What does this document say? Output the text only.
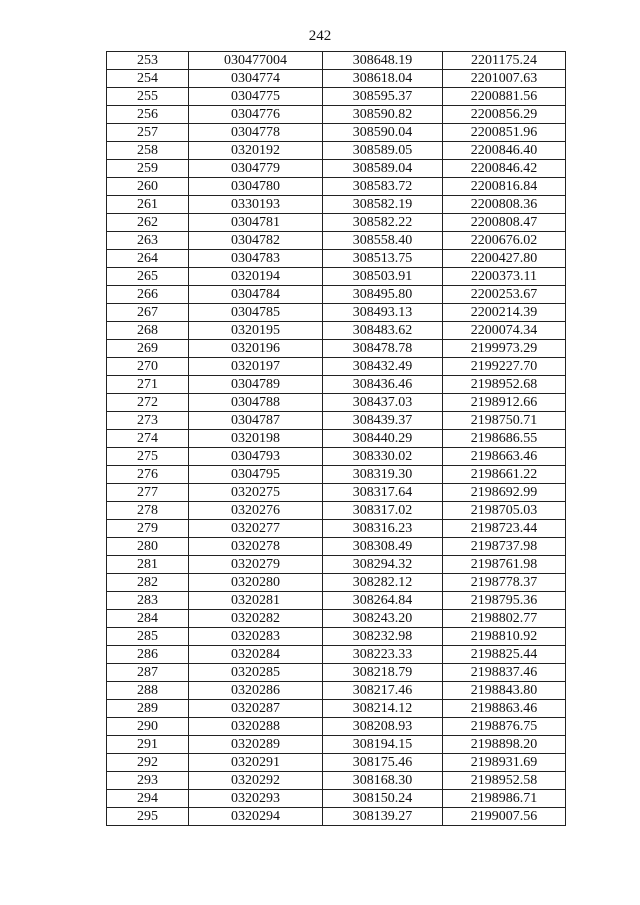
242
253	030477004	308648.19	2201175.24
254	0304774	308618.04	2201007.63
255	0304775	308595.37	2200881.56
256	0304776	308590.82	2200856.29
257	0304778	308590.04	2200851.96
258	0320192	308589.05	2200846.40
259	0304779	308589.04	2200846.42
260	0304780	308583.72	2200816.84
261	0330193	308582.19	2200808.36
262	0304781	308582.22	2200808.47
263	0304782	308558.40	2200676.02
264	0304783	308513.75	2200427.80
265	0320194	308503.91	2200373.11
266	0304784	308495.80	2200253.67
267	0304785	308493.13	2200214.39
268	0320195	308483.62	2200074.34
269	0320196	308478.78	2199973.29
270	0320197	308432.49	2199227.70
271	0304789	308436.46	2198952.68
272	0304788	308437.03	2198912.66
273	0304787	308439.37	2198750.71
274	0320198	308440.29	2198686.55
275	0304793	308330.02	2198663.46
276	0304795	308319.30	2198661.22
277	0320275	308317.64	2198692.99
278	0320276	308317.02	2198705.03
279	0320277	308316.23	2198723.44
280	0320278	308308.49	2198737.98
281	0320279	308294.32	2198761.98
282	0320280	308282.12	2198778.37
283	0320281	308264.84	2198795.36
284	0320282	308243.20	2198802.77
285	0320283	308232.98	2198810.92
286	0320284	308223.33	2198825.44
287	0320285	308218.79	2198837.46
288	0320286	308217.46	2198843.80
289	0320287	308214.12	2198863.46
290	0320288	308208.93	2198876.75
291	0320289	308194.15	2198898.20
292	0320291	308175.46	2198931.69
293	0320292	308168.30	2198952.58
294	0320293	308150.24	2198986.71
295	0320294	308139.27	2199007.56
